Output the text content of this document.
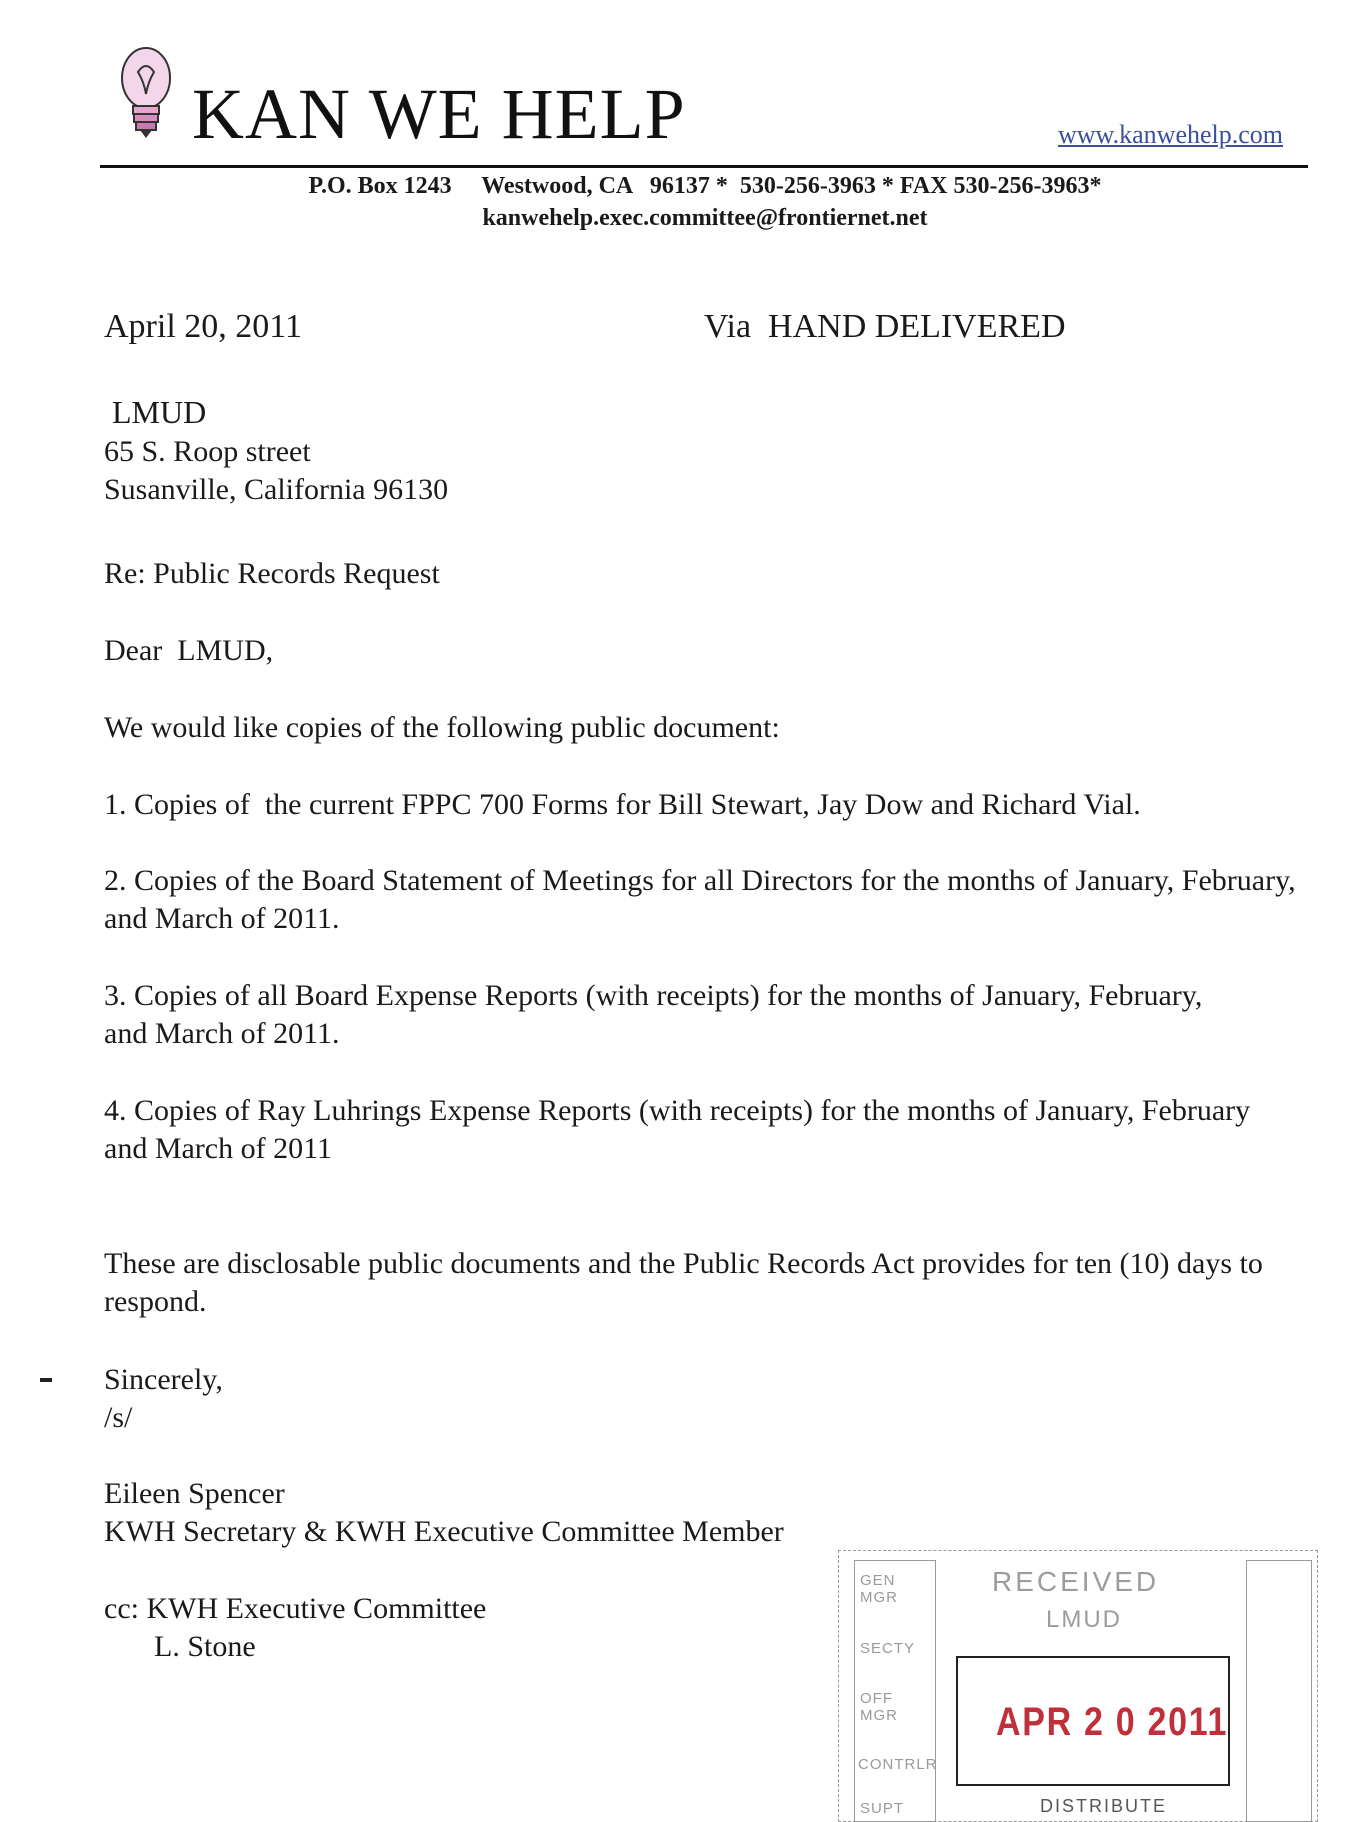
KAN WE HELP	www.kanwehelp.com
P.O. Box 1243     Westwood, CA   96137 *  530-256-3963 * FAX 530-256-3963*
kanwehelp.exec.committee@frontiernet.net
April 20, 2011	Via  HAND DELIVERED
LMUD
65 S. Roop street
Susanville, California 96130
Re: Public Records Request
Dear  LMUD,
We would like copies of the following public document:
1. Copies of  the current FPPC 700 Forms for Bill Stewart, Jay Dow and Richard Vial.
2. Copies of the Board Statement of Meetings for all Directors for the months of January, February, and March of 2011.
3. Copies of all Board Expense Reports (with receipts) for the months of January, February, and March of 2011.
4. Copies of Ray Luhrings Expense Reports (with receipts) for the months of January, February and March of 2011
These are disclosable public documents and the Public Records Act provides for ten (10) days to respond.
Sincerely,
/s/
Eileen Spencer
KWH Secretary & KWH Executive Committee Member
cc: KWH Executive Committee
L. Stone
GEN MGR
SECTY
OFF MGR
CONTRLR
SUPT
RECEIVED
LMUD
APR 2 0 2011
DISTRIBUTE
